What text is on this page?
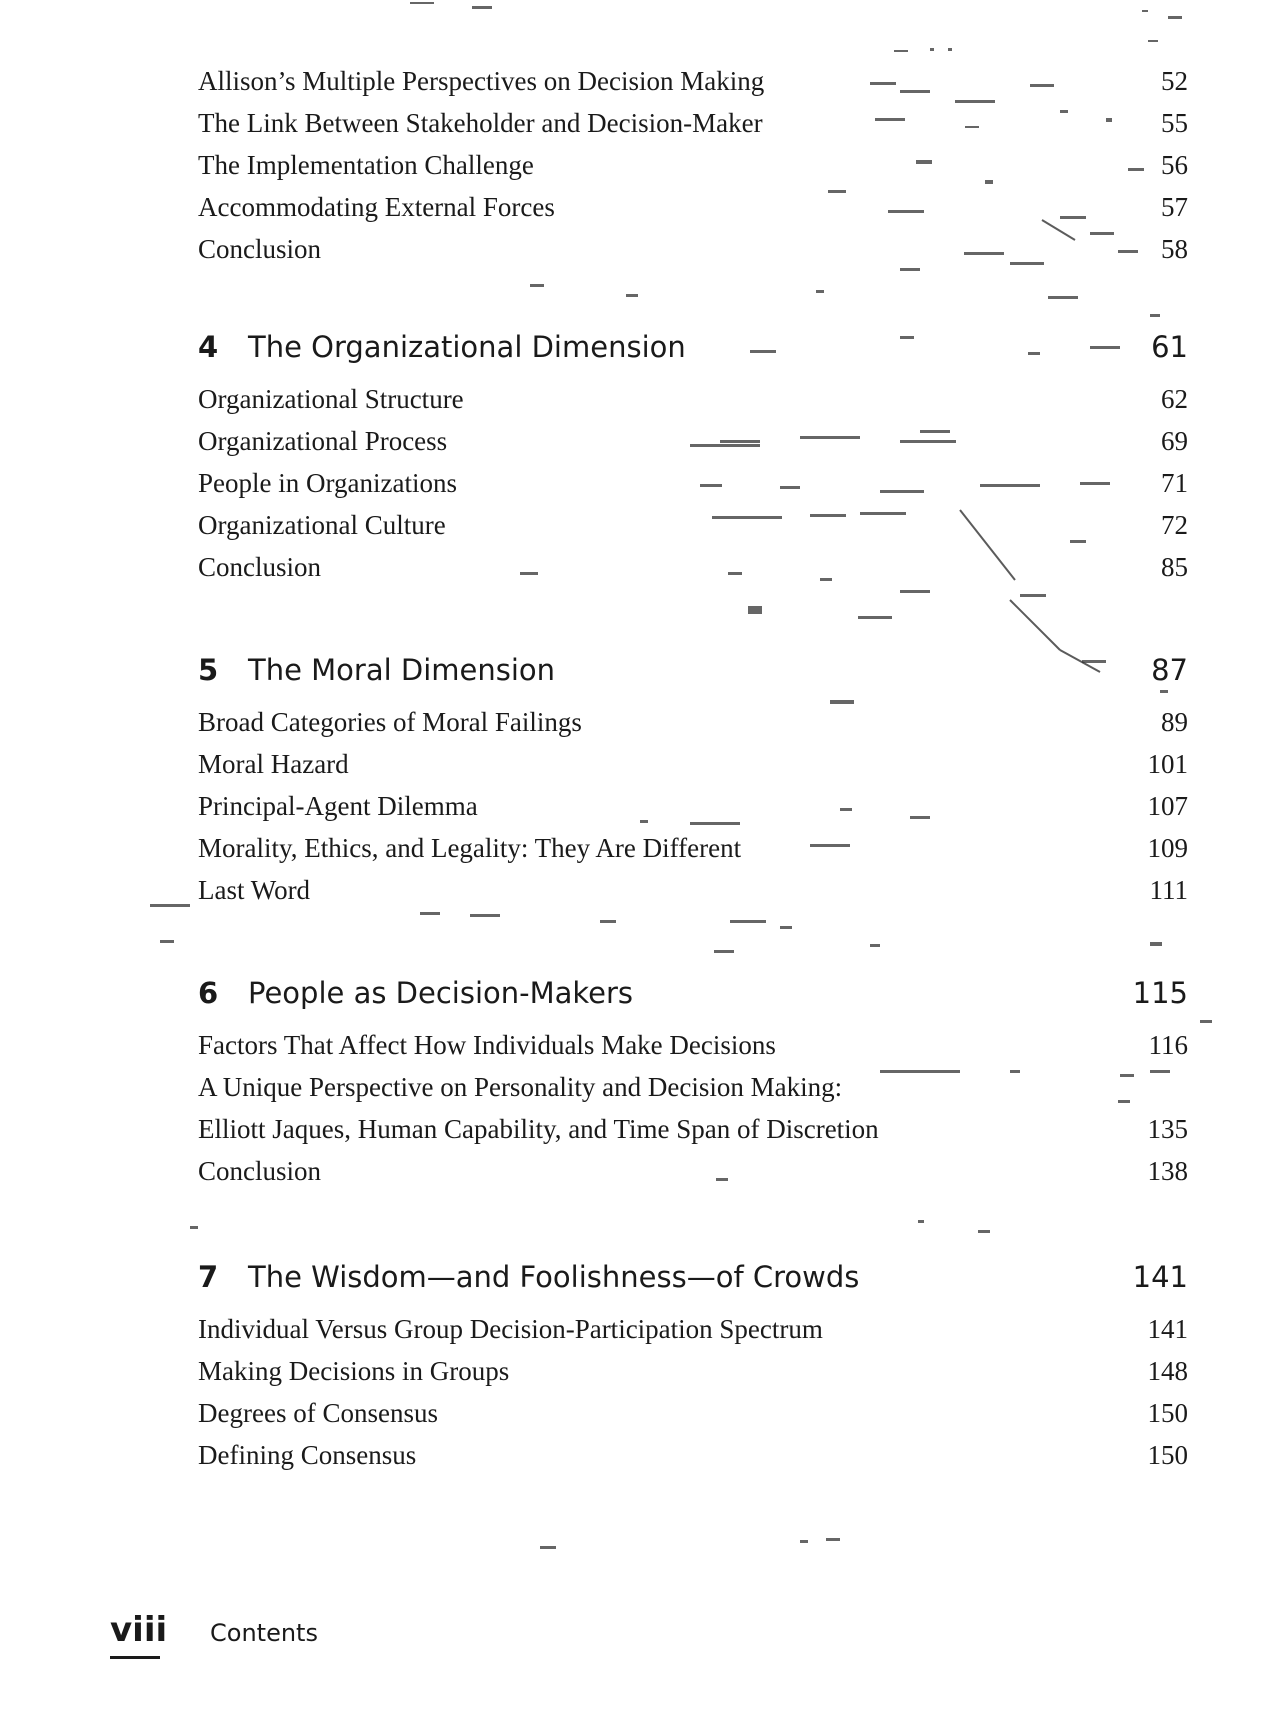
Allison’s Multiple Perspectives on Decision Making	52
The Link Between Stakeholder and Decision-Maker	55
The Implementation Challenge	56
Accommodating External Forces	57
Conclusion	58
4 The Organizational Dimension	61
Organizational Structure	62
Organizational Process	69
People in Organizations	71
Organizational Culture	72
Conclusion	85
5 The Moral Dimension	87
Broad Categories of Moral Failings	89
Moral Hazard	101
Principal-Agent Dilemma	107
Morality, Ethics, and Legality: They Are Different	109
Last Word	111
6 People as Decision-Makers	115
Factors That Affect How Individuals Make Decisions	116
A Unique Perspective on Personality and Decision Making:
Elliott Jaques, Human Capability, and Time Span of Discretion	135
Conclusion	138
7 The Wisdom—and Foolishness—of Crowds	141
Individual Versus Group Decision-Participation Spectrum	141
Making Decisions in Groups	148
Degrees of Consensus	150
Defining Consensus	150
viii Contents
